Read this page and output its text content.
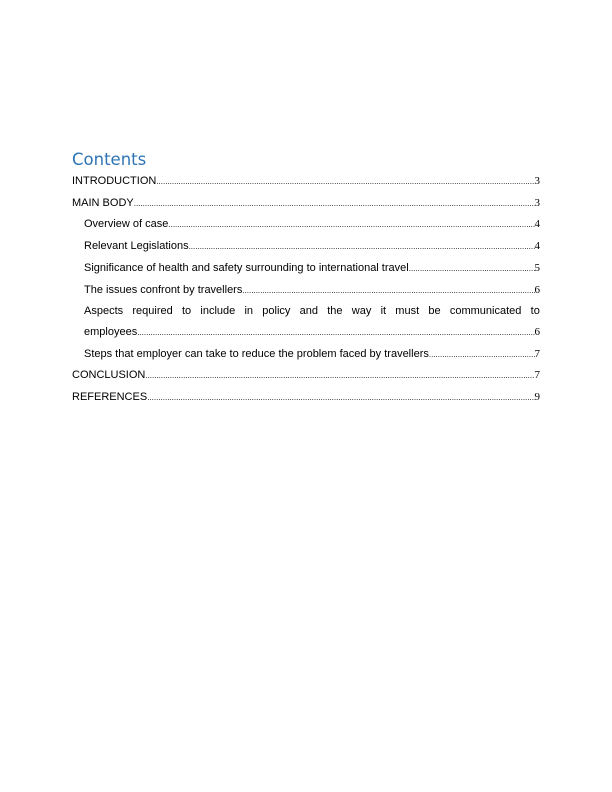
Contents
INTRODUCTION .....	3
MAIN BODY .....	3
Overview of case .....	4
Relevant Legislations .....	4
Significance of health and safety surrounding to international travel .....	5
The issues confront by travellers .....	6
Aspects required to include in policy and the way it must be communicated to
employees .....	6
Steps that employer can take to reduce the problem faced by travellers .....	7
CONCLUSION .....	7
REFERENCES .....	9
